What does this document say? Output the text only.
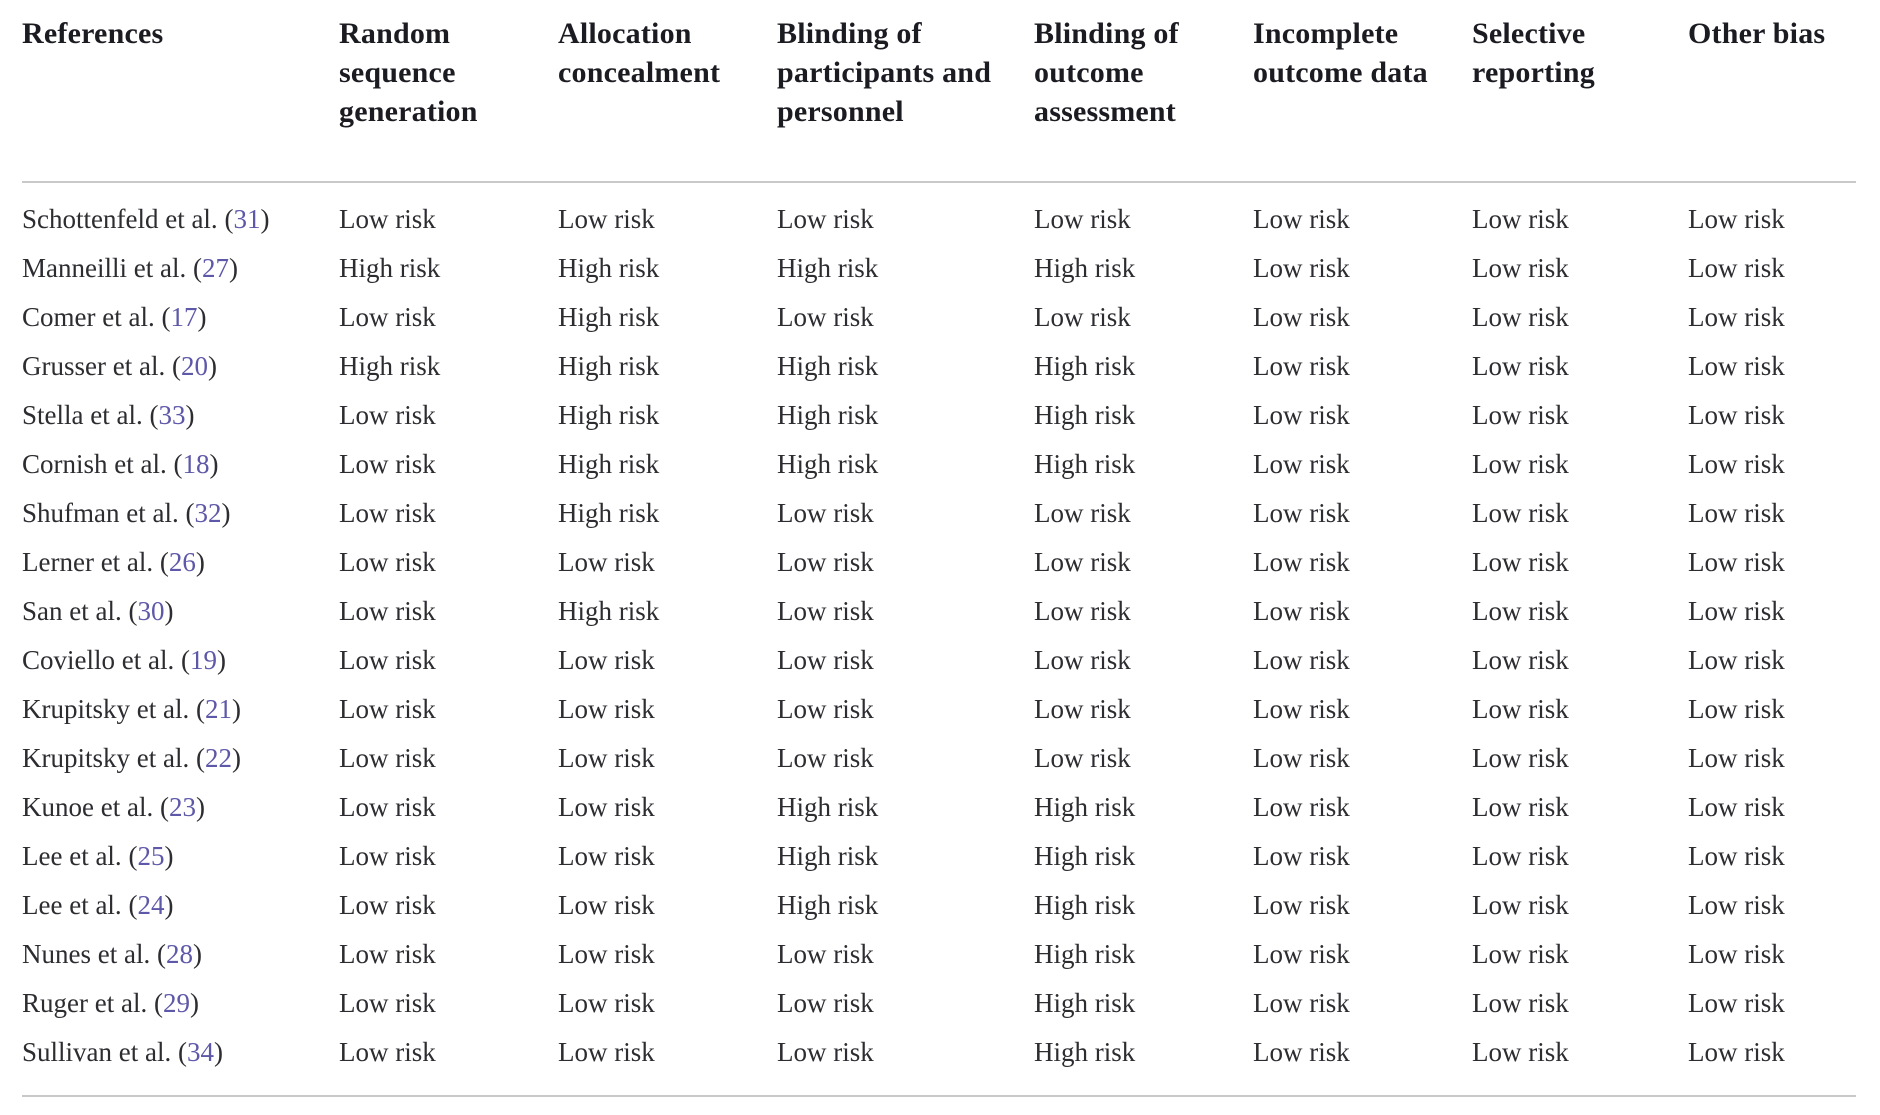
References	Random sequence generation	Allocation concealment	Blinding of participants and personnel	Blinding of outcome assessment	Incomplete outcome data	Selective reporting	Other bias
Schottenfeld et al. (31)	Low risk	Low risk	Low risk	Low risk	Low risk	Low risk	Low risk
Manneilli et al. (27)	High risk	High risk	High risk	High risk	Low risk	Low risk	Low risk
Comer et al. (17)	Low risk	High risk	Low risk	Low risk	Low risk	Low risk	Low risk
Grusser et al. (20)	High risk	High risk	High risk	High risk	Low risk	Low risk	Low risk
Stella et al. (33)	Low risk	High risk	High risk	High risk	Low risk	Low risk	Low risk
Cornish et al. (18)	Low risk	High risk	High risk	High risk	Low risk	Low risk	Low risk
Shufman et al. (32)	Low risk	High risk	Low risk	Low risk	Low risk	Low risk	Low risk
Lerner et al. (26)	Low risk	Low risk	Low risk	Low risk	Low risk	Low risk	Low risk
San et al. (30)	Low risk	High risk	Low risk	Low risk	Low risk	Low risk	Low risk
Coviello et al. (19)	Low risk	Low risk	Low risk	Low risk	Low risk	Low risk	Low risk
Krupitsky et al. (21)	Low risk	Low risk	Low risk	Low risk	Low risk	Low risk	Low risk
Krupitsky et al. (22)	Low risk	Low risk	Low risk	Low risk	Low risk	Low risk	Low risk
Kunoe et al. (23)	Low risk	Low risk	High risk	High risk	Low risk	Low risk	Low risk
Lee et al. (25)	Low risk	Low risk	High risk	High risk	Low risk	Low risk	Low risk
Lee et al. (24)	Low risk	Low risk	High risk	High risk	Low risk	Low risk	Low risk
Nunes et al. (28)	Low risk	Low risk	Low risk	High risk	Low risk	Low risk	Low risk
Ruger et al. (29)	Low risk	Low risk	Low risk	High risk	Low risk	Low risk	Low risk
Sullivan et al. (34)	Low risk	Low risk	Low risk	High risk	Low risk	Low risk	Low risk
